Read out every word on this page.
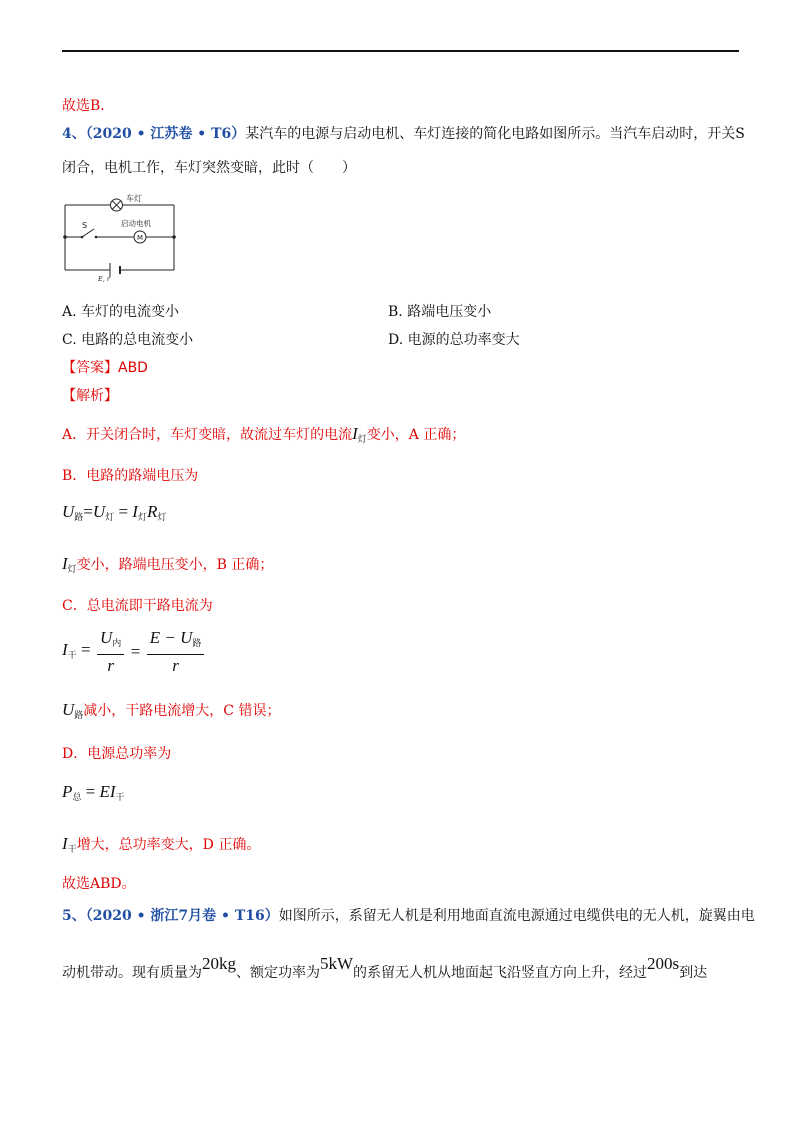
故选B．
4、（2020 • 江苏卷 • T6）某汽车的电源与启动电机、车灯连接的简化电路如图所示。当汽车启动时，开关S
闭合，电机工作，车灯突然变暗，此时（　　）
车灯
S	启动电机
M
E, r
A. 车灯的电流变小	B. 路端电压变小
C. 电路的总电流变小	D. 电源的总功率变大
【答案】ABD
【解析】
A．开关闭合时，车灯变暗，故流过车灯的电流$I_灯$变小，A 正确；
B．电路的路端电压为
$U_路=U_灯 = I_灯R_灯$
$I_灯$变小，路端电压变小，B 正确；
C．总电流即干路电流为
$I_干 = \frac{U_内}{r} = \frac{E - U_路}{r}$
$U_路$减小，干路电流增大，C 错误；
D．电源总功率为
$P_总 = EI_干$
$I_干$增大，总功率变大，D 正确。
故选ABD。
5、（2020 • 浙江7月卷 • T16）如图所示，系留无人机是利用地面直流电源通过电缆供电的无人机，旋翼由电
动机带动。现有质量为20kg、额定功率为5kW的系留无人机从地面起飞沿竖直方向上升，经过200s到达
